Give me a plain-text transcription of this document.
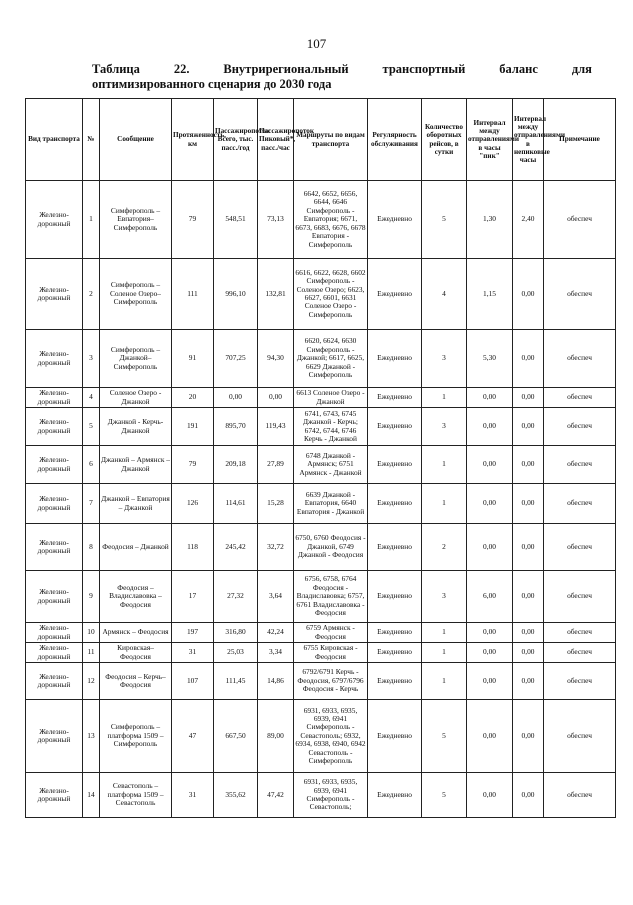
107
Таблица	22.	Внутрирегиональный	транспортный	баланс	для
оптимизированного сценария до 2030 года
Вид транспорта	№	Сообщение	Протяженность, км	Пассажиропоток Всего, тыс. пасс./год	Пассажиропоток Пиковый*, пасс./час	Маршруты по видам транспорта	Регулярность обслуживания	Количество оборотных рейсов, в сутки	Интервал между отправлениями в часы "пик"	Интервал между отправлениями в непиковые часы	Примечание
Железно-дорожный	1	Симферополь – Евпатория– Симферополь	79	548,51	73,13	6642, 6652, 6656, 6644, 6646 Симферополь - Евпатория; 6671, 6673, 6683, 6676, 6678 Евпатория - Симферополь	Ежедневно	5	1,30	2,40	обеспеч
Железно-дорожный	2	Симферополь – Соленое Озеро– Симферополь	111	996,10	132,81	6616, 6622, 6628, 6602 Симферополь - Соленое Озеро; 6623, 6627, 6601, 6631 Соленое Озеро - Симферополь	Ежедневно	4	1,15	0,00	обеспеч
Железно-дорожный	3	Симферополь – Джанкой– Симферополь	91	707,25	94,30	6620, 6624, 6630 Симферополь - Джанкой; 6617, 6625, 6629 Джанкой - Симферополь	Ежедневно	3	5,30	0,00	обеспеч
Железно-дорожный	4	Соленое Озеро - Джанкой	20	0,00	0,00	6613 Соленое Озеро - Джанкой	Ежедневно	1	0,00	0,00	обеспеч
Железно-дорожный	5	Джанкой - Керчь- Джанкой	191	895,70	119,43	6741, 6743, 6745 Джанкой - Керчь; 6742, 6744, 6746 Керчь - Джанкой	Ежедневно	3	0,00	0,00	обеспеч
Железно-дорожный	6	Джанкой – Армянск – Джанкой	79	209,18	27,89	6748 Джанкой - Армянск; 6751 Армянск - Джанкой	Ежедневно	1	0,00	0,00	обеспеч
Железно-дорожный	7	Джанкой – Евпатория – Джанкой	126	114,61	15,28	6639 Джанкой - Евпатория, 6640 Евпатория - Джанкой	Ежедневно	1	0,00	0,00	обеспеч
Железно-дорожный	8	Феодосия – Джанкой	118	245,42	32,72	6750, 6760 Феодосия - Джанкой, 6749 Джанкой - Феодосия	Ежедневно	2	0,00	0,00	обеспеч
Железно-дорожный	9	Феодосия – Владиславовка – Феодосия	17	27,32	3,64	6756, 6758, 6764 Феодосия - Владиславовка; 6757, 6761 Владиславовка - Феодосия	Ежедневно	3	6,00	0,00	обеспеч
Железно-дорожный	10	Армянск – Феодосия	197	316,80	42,24	6759 Армянск - Феодосия	Ежедневно	1	0,00	0,00	обеспеч
Железно-дорожный	11	Кировская– Феодосия	31	25,03	3,34	6755 Кировская - Феодосия	Ежедневно	1	0,00	0,00	обеспеч
Железно-дорожный	12	Феодосия – Керчь– Феодосия	107	111,45	14,86	6792/6791 Керчь - Феодосия, 6797/6796 Феодосия - Керчь	Ежедневно	1	0,00	0,00	обеспеч
Железно-дорожный	13	Симферополь – платформа 1509 – Симферополь	47	667,50	89,00	6931, 6933, 6935, 6939, 6941 Симферополь - Севастополь; 6932, 6934, 6938, 6940, 6942 Севастополь - Симферополь	Ежедневно	5	0,00	0,00	обеспеч
Железно-дорожный	14	Севастополь – платформа 1509 – Севастополь	31	355,62	47,42	6931, 6933, 6935, 6939, 6941 Симферополь - Севастополь;	Ежедневно	5	0,00	0,00	обеспеч
